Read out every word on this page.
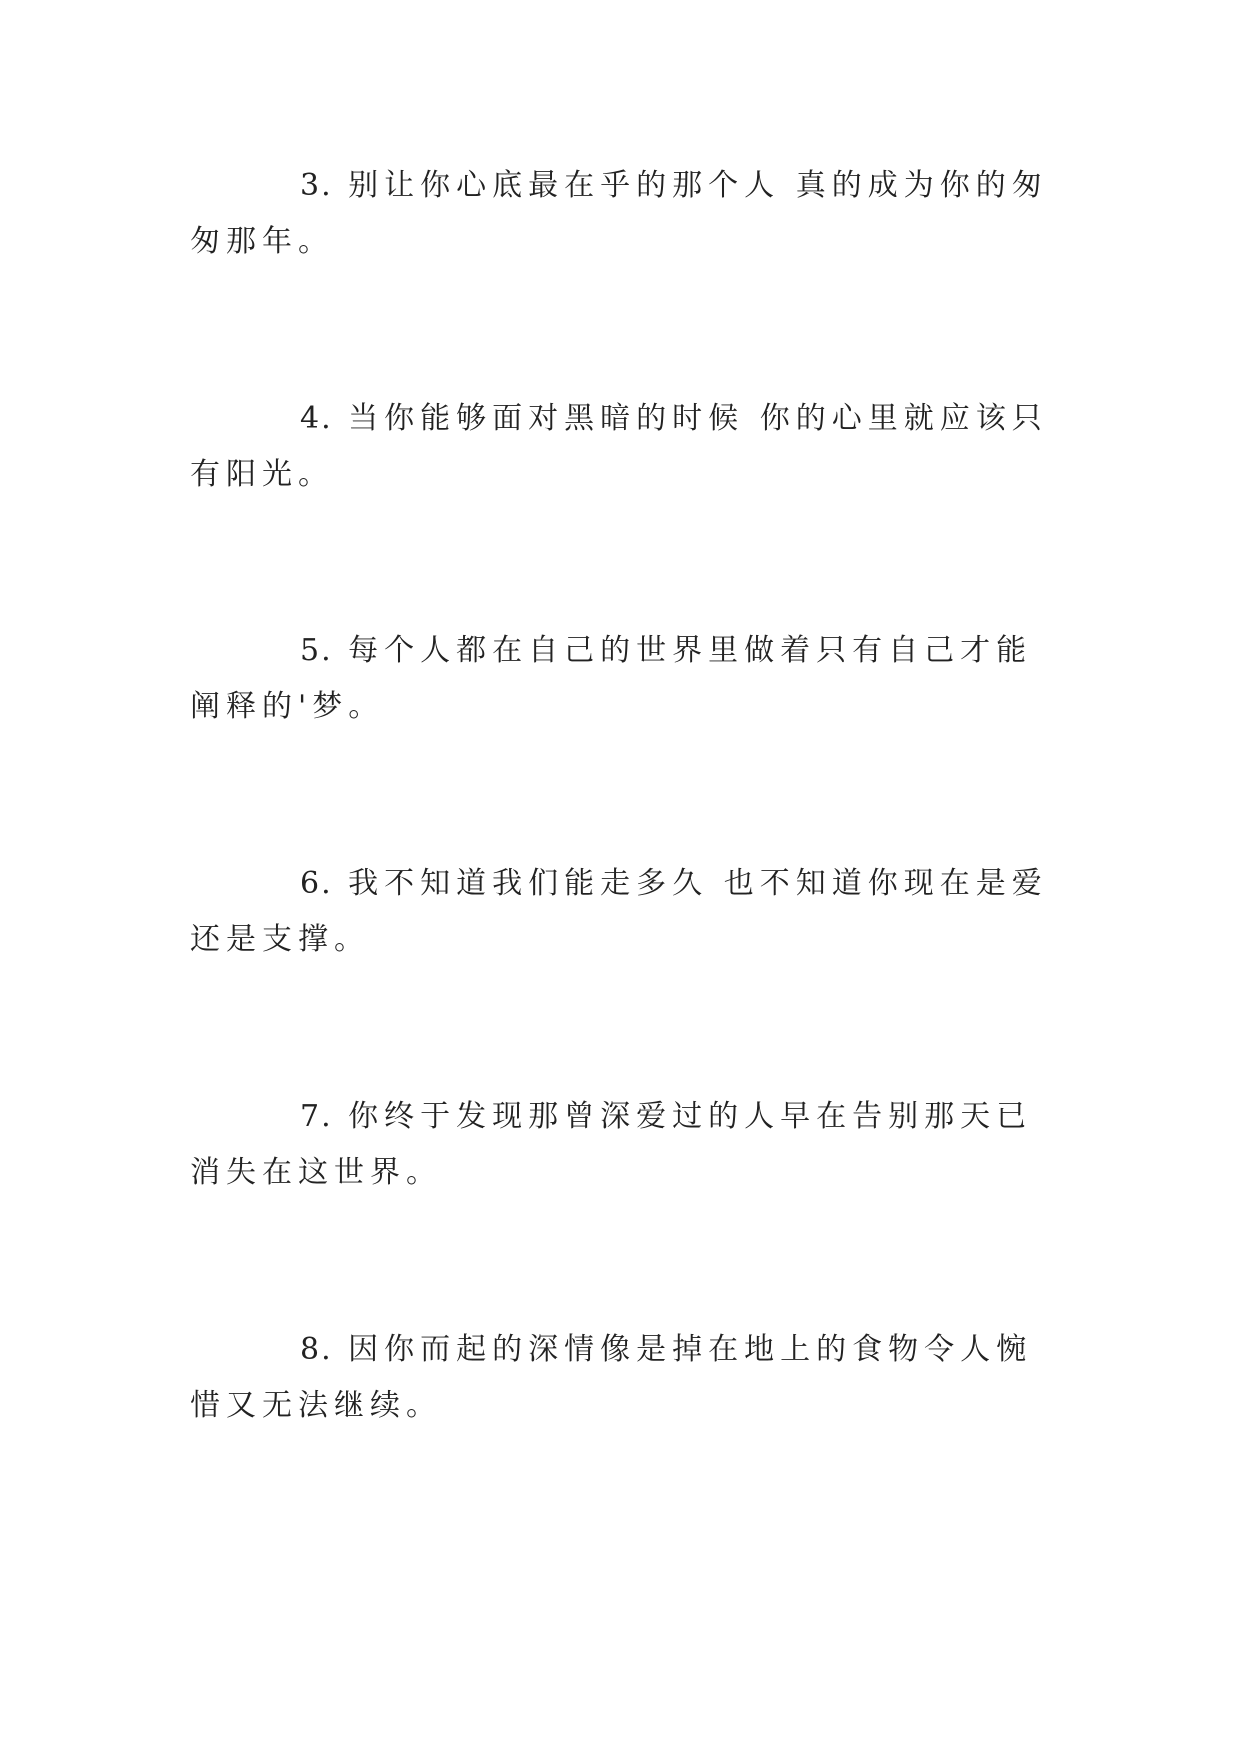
3. 别让你心底最在乎的那个人 真的成为你的匆匆那年。

4. 当你能够面对黑暗的时候 你的心里就应该只有阳光。

5. 每个人都在自己的世界里做着只有自己才能阐释的'梦。

6. 我不知道我们能走多久 也不知道你现在是爱还是支撑。

7. 你终于发现那曾深爱过的人早在告别那天已消失在这世界。

8. 因你而起的深情像是掉在地上的食物令人惋惜又无法继续。
